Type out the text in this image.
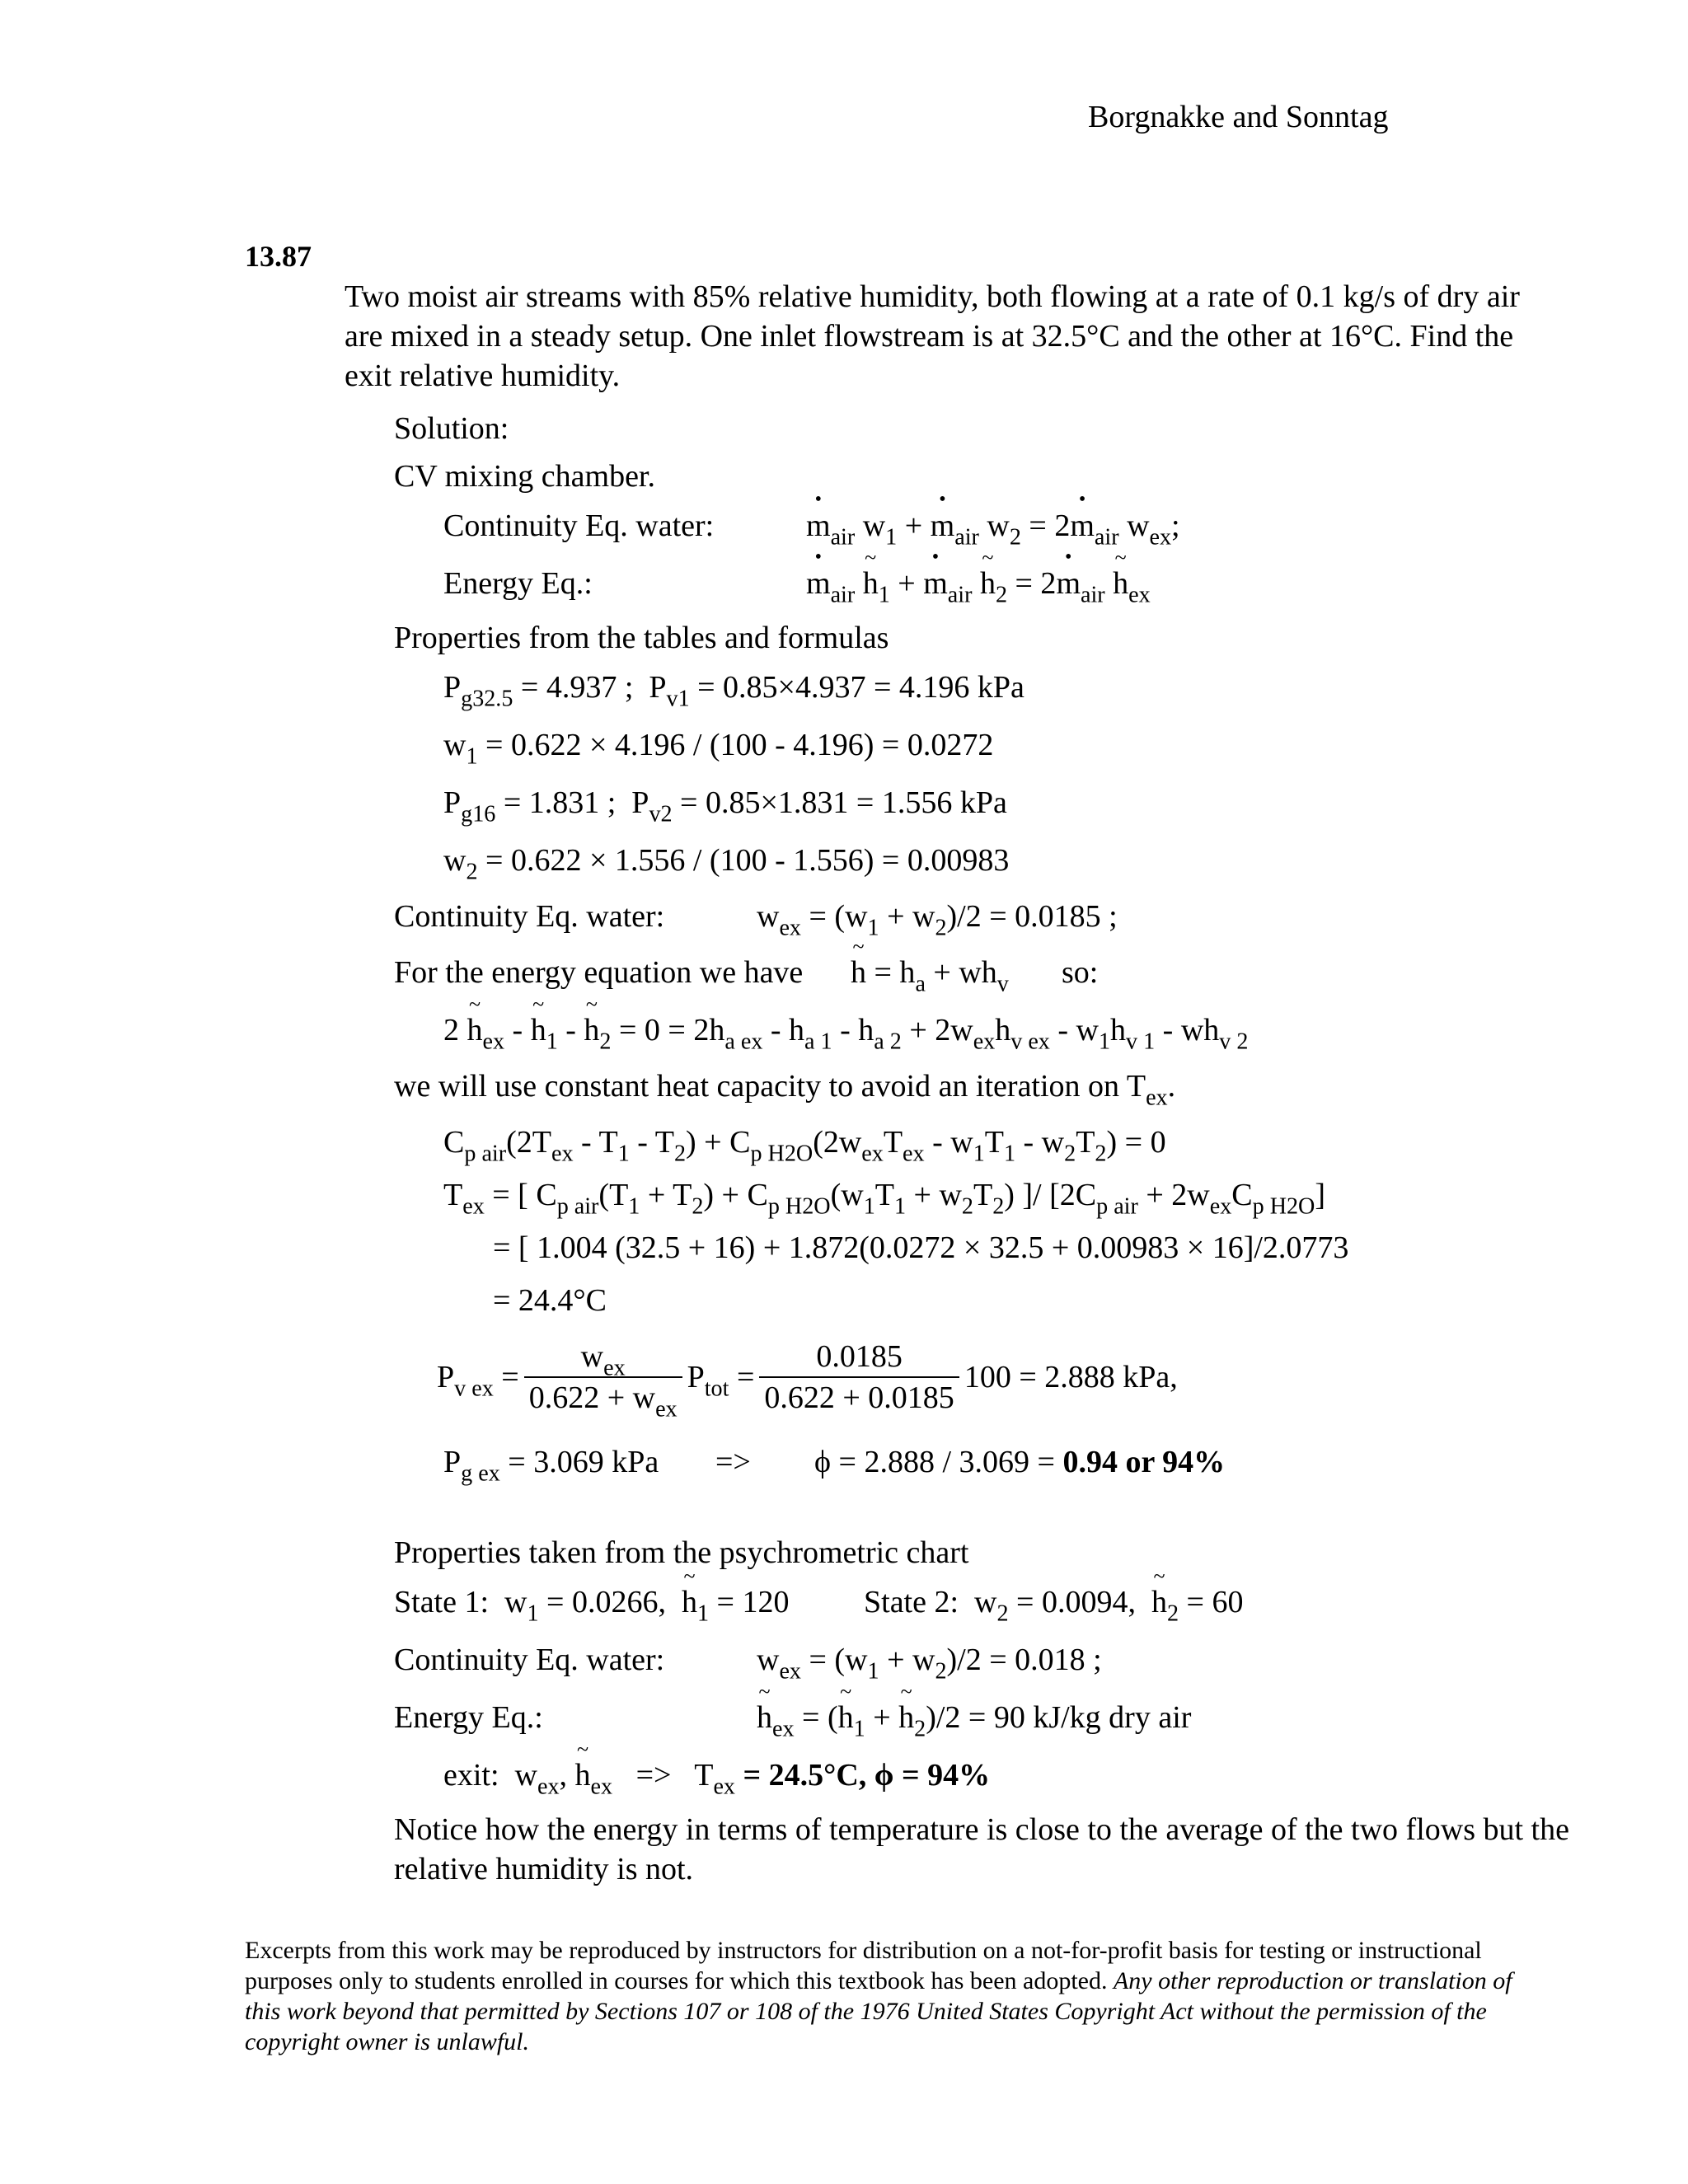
Borgnakke and Sonntag
13.87
Two moist air streams with 85% relative humidity, both flowing at a rate of 0.1 kg/s of dry air are mixed in a steady setup. One inlet flowstream is at 32.5°C and the other at 16°C. Find the exit relative humidity.
Solution:
CV mixing chamber.
Continuity Eq. water:	• $m_{air}$ $w_1$ + • $m_{air}$ $w_2$ = 2• $m_{air}$ $w_{ex}$;
Energy Eq.:	• $m_{air}$ ~ $h_1$ + • $m_{air}$ ~ $h_2$ = 2• $m_{air}$ ~ $h_{ex}$
Properties from the tables and formulas
$P_{g32.5} = 4.937$ ;  $P_{v1} = 0.85\times 4.937 = 4.196$ kPa
$w_1 = 0.622 \times 4.196 / (100 - 4.196) = 0.0272$
$P_{g16} = 1.831$ ;  $P_{v2} = 0.85\times 1.831 = 1.556$ kPa
$w_2 = 0.622 \times 1.556 / (100 - 1.556) = 0.00983$
Continuity Eq. water:	$w_{ex} = (w_1 + w_2)/2 = 0.0185$ ;
For the energy equation we have ~ $h = h_a + wh_v$ so:
2 ~ $h_{ex}$ - ~ $h_1$ - ~ $h_2 = 0 = 2h_{a ex} - h_{a 1} - h_{a 2} + 2w_{ex}h_{v ex} - w_1h_{v 1} - wh_{v 2}$
we will use constant heat capacity to avoid an iteration on $T_{ex}$.
$C_{p air}(2T_{ex} - T_1 - T_2) + C_{p H2O}(2w_{ex}T_{ex} - w_1T_1 - w_2T_2) = 0$
$T_{ex}$ = [ $C_{p air}(T_1 + T_2) + C_{p H2O}(w_1T_1 + w_2T_2)$ ]/ $[2C_{p air} + 2w_{ex}C_{p H2O}]$
= [ 1.004 (32.5 + 16) + 1.872(0.0272 × 32.5 + 0.00983 × 16]/2.0773
= 24.4°C
$P_{v ex} = \frac{w_{ex}}{0.622 + w_{ex}} P_{tot} = \frac{0.0185}{0.622 + 0.0185} 100 = 2.888$ kPa,
$P_{g ex} = 3.069$ kPa => ϕ = 2.888 / 3.069 = 0.94 or 94%
Properties taken from the psychrometric chart
State 1:  $w_1 = 0.0266$,  ~ $h_1 = 120$ State 2:  $w_2 = 0.0094$,  ~ $h_2 = 60$
Continuity Eq. water:	$w_{ex} = (w_1 + w_2)/2 = 0.018$ ;
Energy Eq.:	~ $h_{ex}$ = (~ $h_1$ + ~ $h_2)/2 = 90$ kJ/kg dry air
exit:  $w_{ex}$, ~ $h_{ex} => T_{ex} = 24.5^\circ C$, ϕ = 94%
Notice how the energy in terms of temperature is close to the average of the two flows but the relative humidity is not.
Excerpts from this work may be reproduced by instructors for distribution on a not-for-profit basis for testing or instructional purposes only to students enrolled in courses for which this textbook has been adopted. Any other reproduction or translation of this work beyond that permitted by Sections 107 or 108 of the 1976 United States Copyright Act without the permission of the copyright owner is unlawful.
